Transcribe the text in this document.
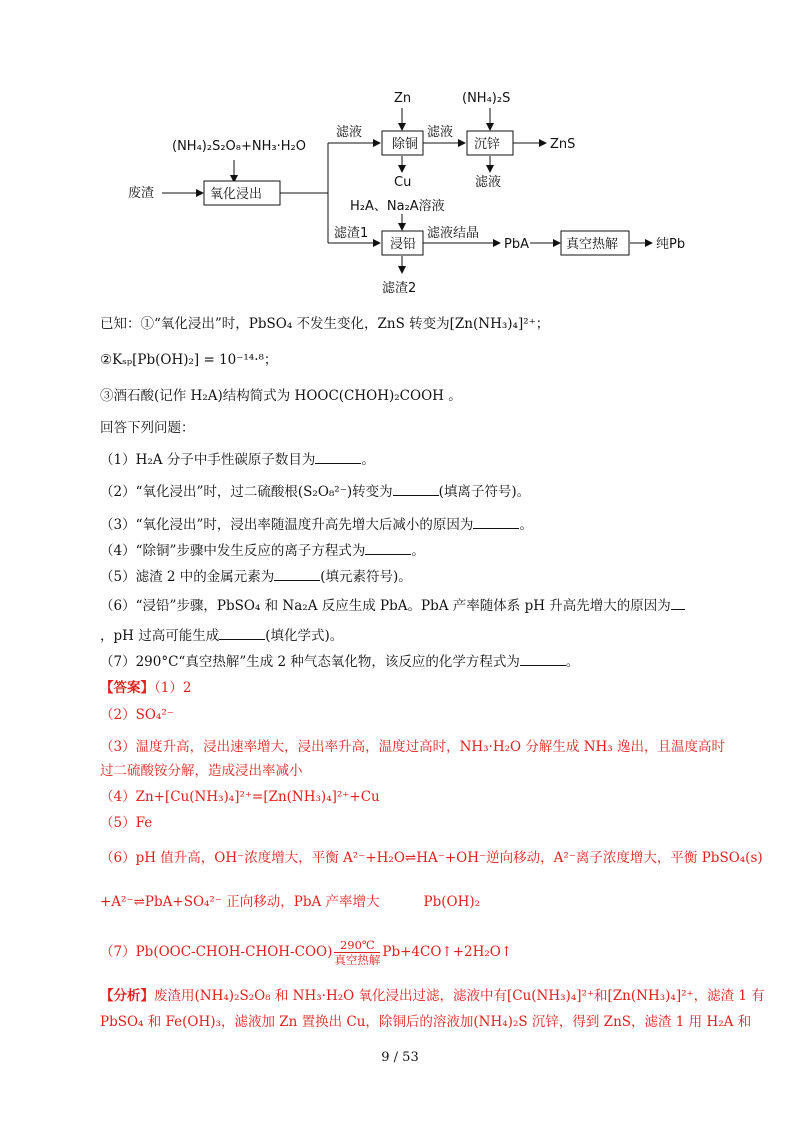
(NH₄)₂S₂O₈+NH₃·H₂O
废渣	氧化浸出
滤液
除铜
Zn
Cu
滤液
沉锌
(NH₄)₂S
ZnS
滤液
滤渣1
H₂A、Na₂A溶液
浸铅
滤液结晶
PbA	真空热解	纯Pb
滤渣2
已知：①“氧化浸出”时，PbSO₄ 不发生变化，ZnS 转变为[Zn(NH₃)₄]²⁺；
②Kₛₚ[Pb(OH)₂] = 10⁻¹⁴·⁸；
③酒石酸(记作 H₂A)结构简式为 HOOC(CHOH)₂COOH 。
回答下列问题：
（1）H₂A 分子中手性碳原子数目为	。
（2）“氧化浸出”时，过二硫酸根(S₂O₈²⁻)转变为	(填离子符号)。
（3）“氧化浸出”时，浸出率随温度升高先增大后减小的原因为	。
（4）“除铜”步骤中发生反应的离子方程式为	。
（5）滤渣 2 中的金属元素为	(填元素符号)。
（6）“浸铅”步骤，PbSO₄ 和 Na₂A 反应生成 PbA。PbA 产率随体系 pH 升高先增大的原因为
，pH 过高可能生成	(填化学式)。
（7）290°C“真空热解”生成 2 种气态氧化物，该反应的化学方程式为	。
【答案】（1）2
（2）SO₄²⁻
（3）温度升高，浸出速率增大，浸出率升高，温度过高时，NH₃·H₂O 分解生成 NH₃ 逸出，且温度高时
过二硫酸铵分解，造成浸出率减小
（4）Zn+[Cu(NH₃)₄]²⁺=[Zn(NH₃)₄]²⁺+Cu
（5）Fe
（6）pH 值升高，OH⁻浓度增大，平衡 A²⁻+H₂O⇌HA⁻+OH⁻逆向移动，A²⁻离子浓度增大，平衡 PbSO₄(s)
+A²⁻⇌PbA+SO₄²⁻ 正向移动，PbA 产率增大	Pb(OH)₂
（7）Pb(OOC-CHOH-CHOH-COO) $\frac{290℃}{\text{真空热解}}$ Pb+4CO↑+2H₂O↑
【分析】废渣用(NH₄)₂S₂O₈ 和 NH₃·H₂O 氧化浸出过滤，滤液中有[Cu(NH₃)₄]²⁺和[Zn(NH₃)₄]²⁺，滤渣 1 有
PbSO₄ 和 Fe(OH)₃，滤液加 Zn 置换出 Cu，除铜后的溶液加(NH₄)₂S 沉锌，得到 ZnS，滤渣 1 用 H₂A 和
9 / 53
